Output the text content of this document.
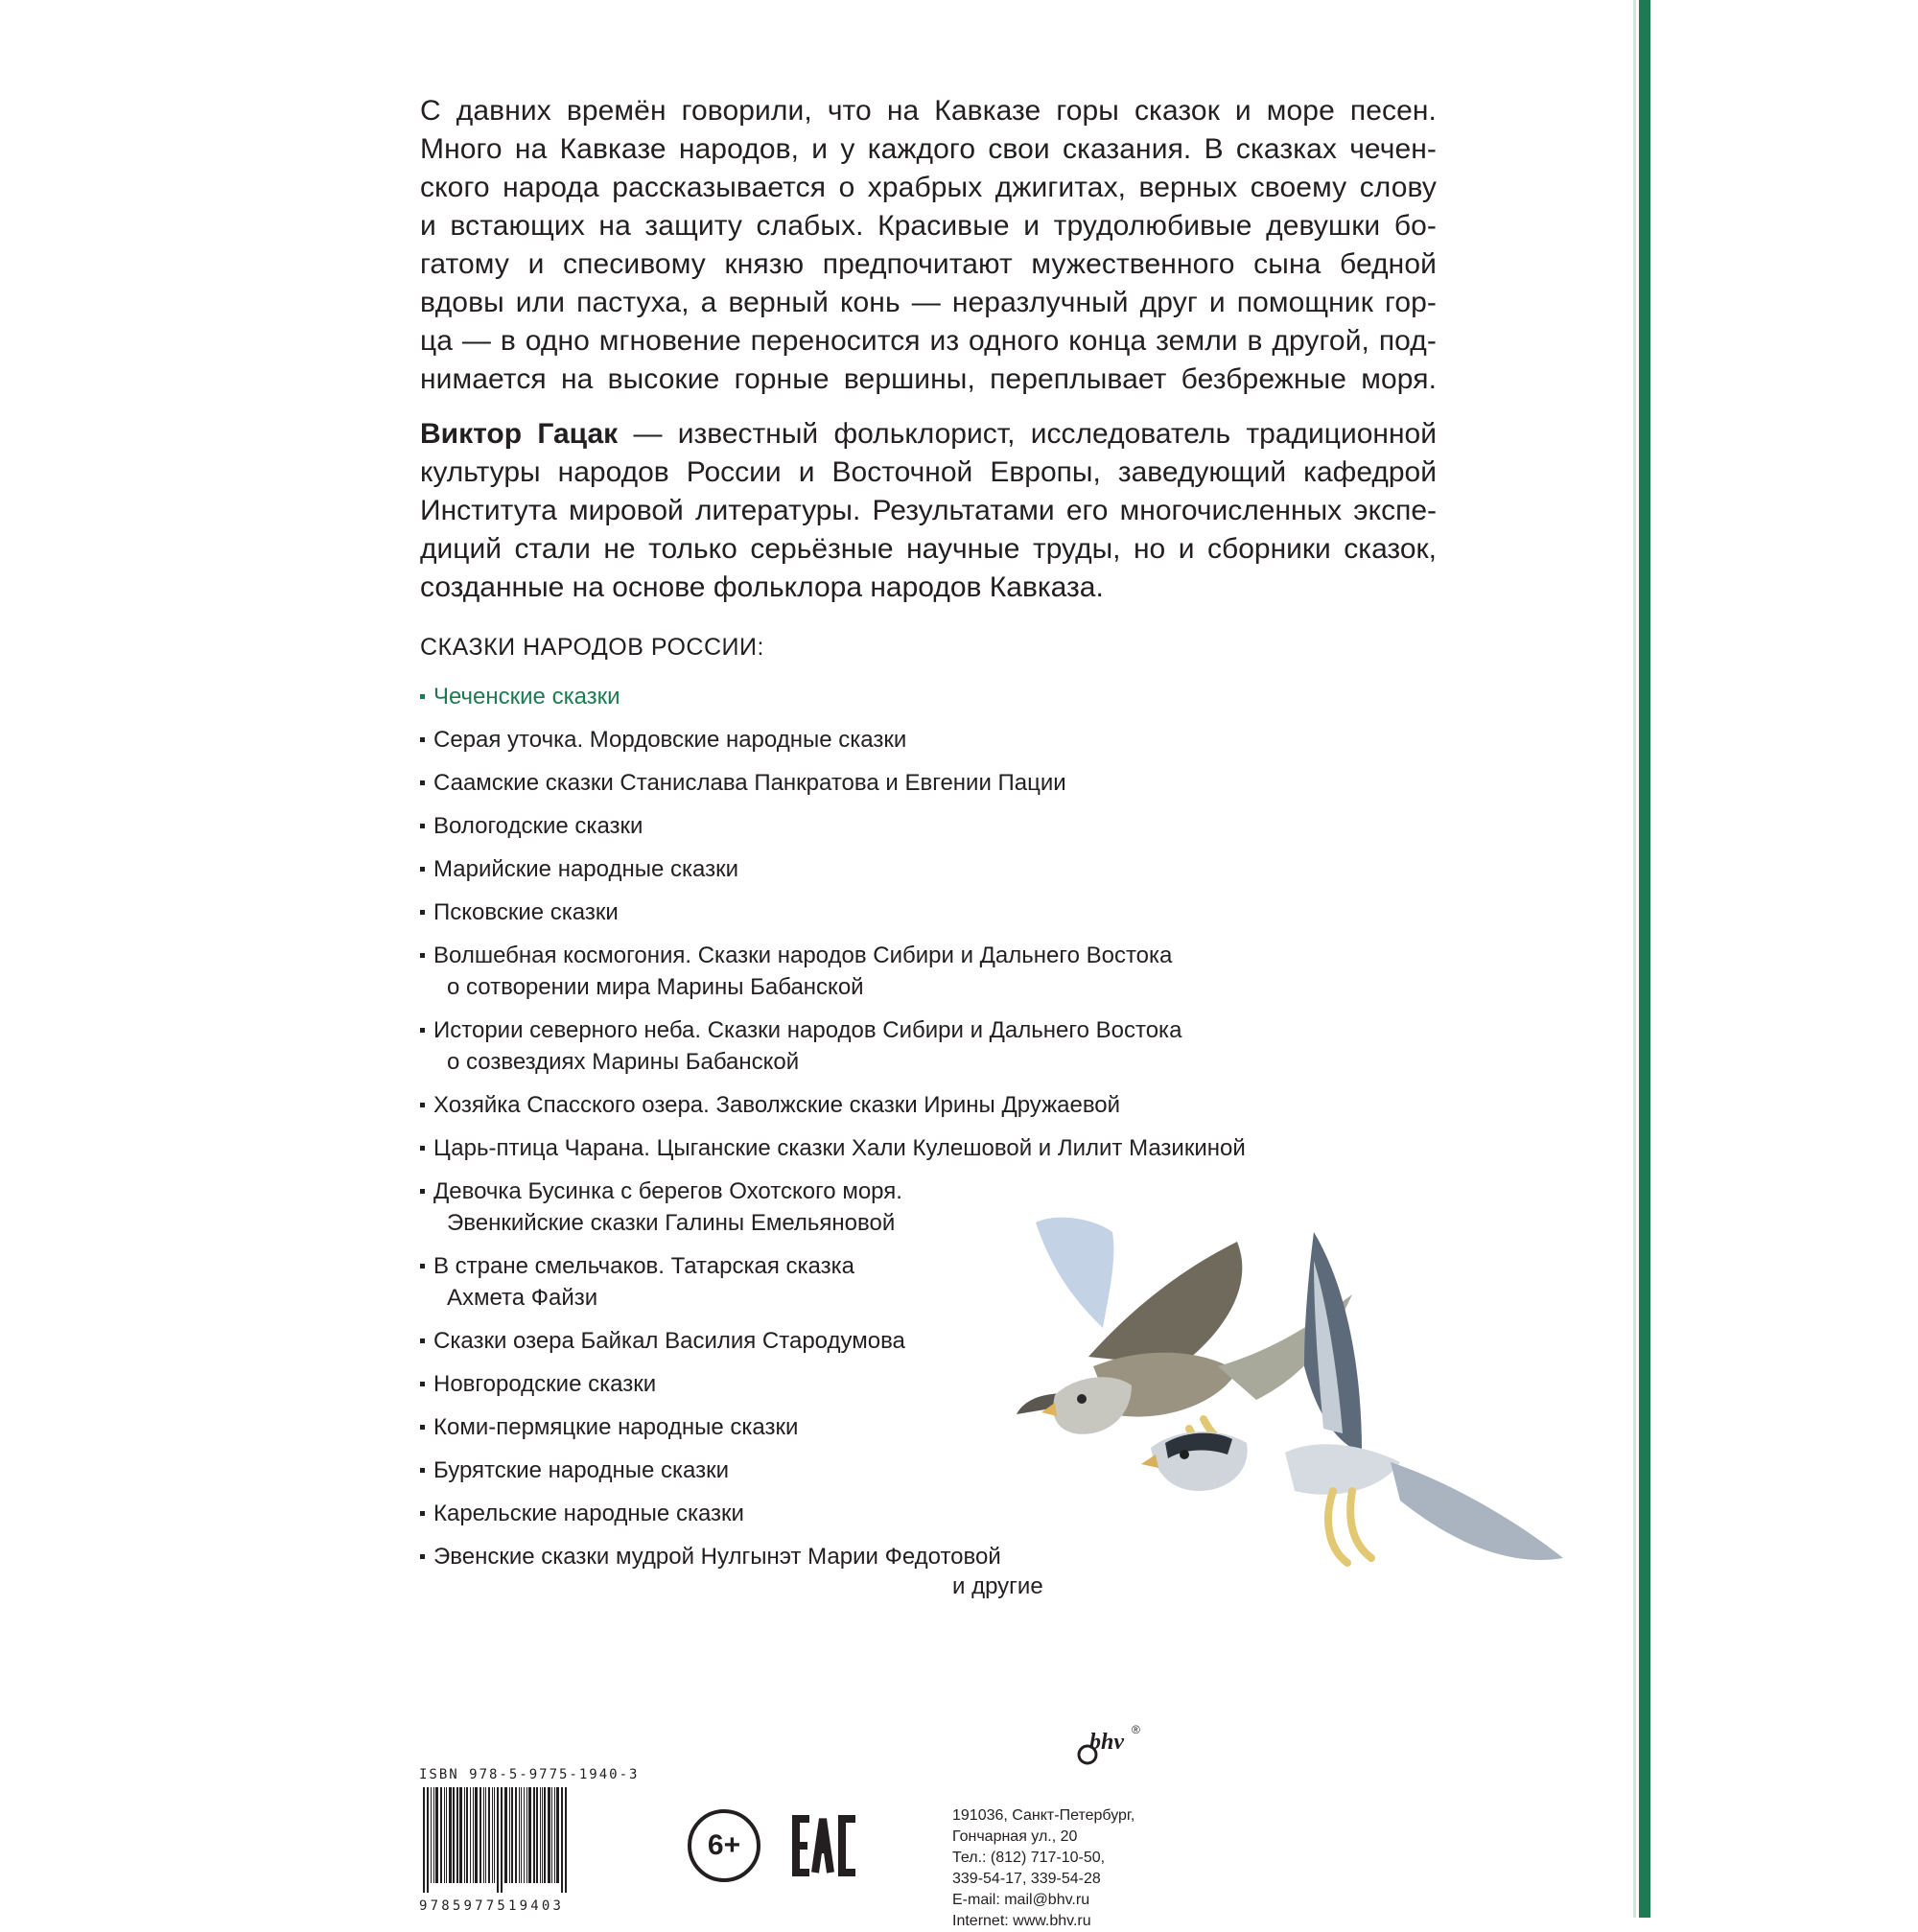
С давних времён говорили, что на Кавказе горы сказок и море песен.
Много на Кавказе народов, и у каждого свои сказания. В сказках чечен-
ского народа рассказывается о храбрых джигитах, верных своему слову
и встающих на защиту слабых. Красивые и трудолюбивые девушки бо-
гатому и спесивому князю предпочитают мужественного сына бедной
вдовы или пастуха, а верный конь — неразлучный друг и помощник гор-
ца — в одно мгновение переносится из одного конца земли в другой, под-
нимается на высокие горные вершины, переплывает безбрежные моря.
Виктор Гацак — известный фольклорист, исследователь традиционной
культуры народов России и Восточной Европы, заведующий кафедрой
Института мировой литературы. Результатами его многочисленных экспе-
диций стали не только серьёзные научные труды, но и сборники сказок,
созданные на основе фольклора народов Кавказа.
СКАЗКИ НАРОДОВ РОССИИ:
Чеченские сказки
Серая уточка. Мордовские народные сказки
Саамские сказки Станислава Панкратова и Евгении Пации
Вологодские сказки
Марийские народные сказки
Псковские сказки
Волшебная космогония. Сказки народов Сибири и Дальнего Востока
о сотворении мира Марины Бабанской
Истории северного неба. Сказки народов Сибири и Дальнего Востока
о созвездиях Марины Бабанской
Хозяйка Спасского озера. Заволжские сказки Ирины Дружаевой
Царь-птица Чарана. Цыганские сказки Хали Кулешовой и Лилит Мазикиной
Девочка Бусинка с берегов Охотского моря.
Эвенкийские сказки Галины Емельяновой
В стране смельчаков. Татарская сказка
Ахмета Файзи
Сказки озера Байкал Василия Стародумова
Новгородские сказки
Коми-пермяцкие народные сказки
Бурятские народные сказки
Карельские народные сказки
Эвенские сказки мудрой Нулгынэт Марии Федотовой
и другие
bhv ®
ISBN 978-5-9775-1940-3
9785977519403
6+
191036, Санкт-Петербург,
Гончарная ул., 20
Тел.: (812) 717-10-50,
339-54-17, 339-54-28
E-mail: mail@bhv.ru
Internet: www.bhv.ru
